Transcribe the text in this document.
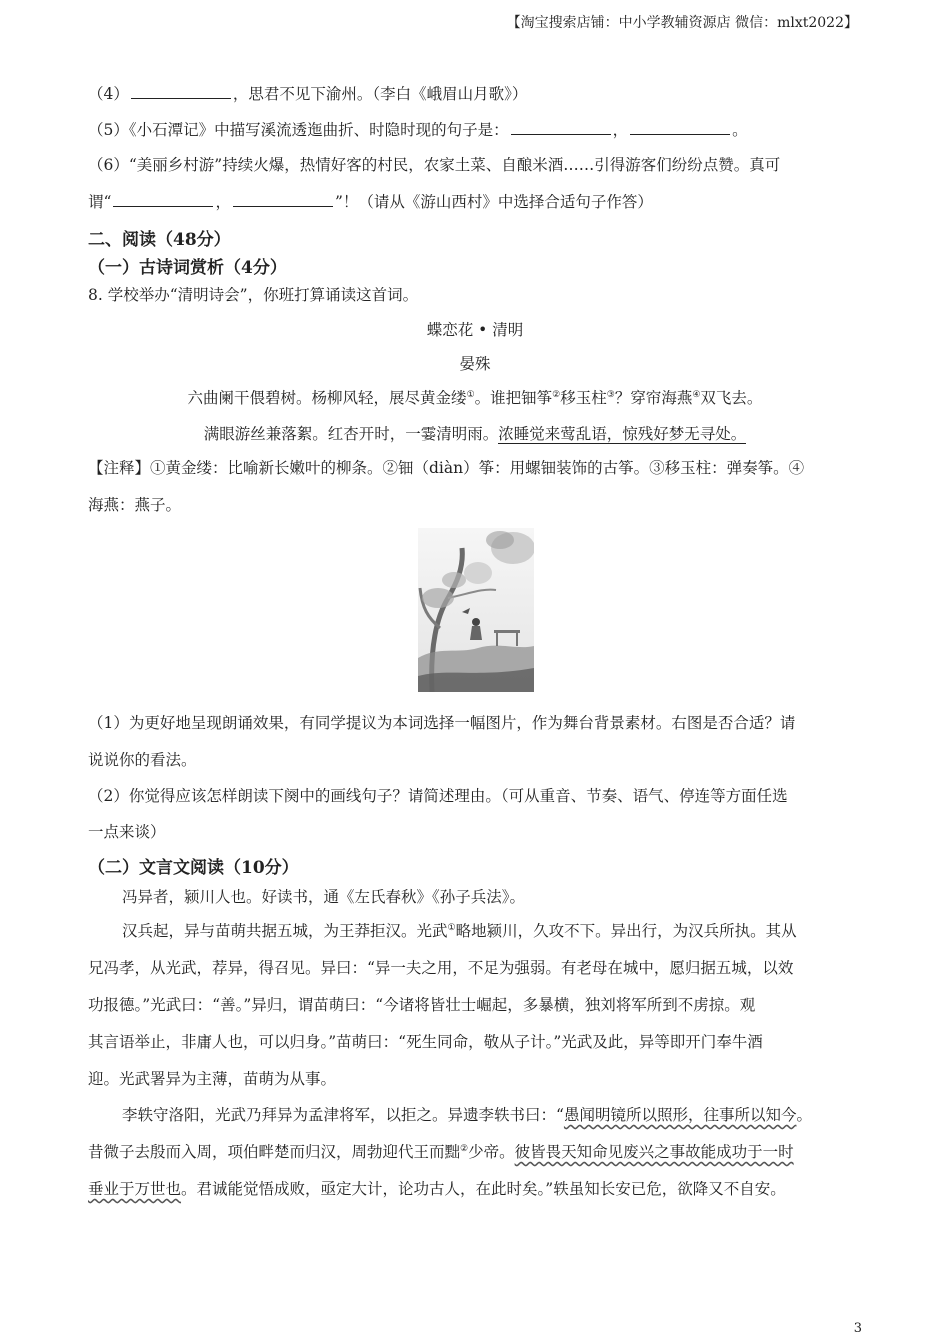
【淘宝搜索店铺：中小学教辅资源店 微信：mlxt2022】
（4）	，思君不见下渝州。（李白《峨眉山月歌》）
（5）《小石潭记》中描写溪流透迤曲折、时隐时现的句子是：	，	。
（6）“美丽乡村游”持续火爆，热情好客的村民，农家土菜、自酿米酒……引得游客们纷纷点赞。真可
谓“	，	”！（请从《游山西村》中选择合适句子作答）
二、阅读（48分）
（一）古诗词赏析（4分）
8. 学校举办“清明诗会”，你班打算诵读这首词。
蝶恋花 • 清明
晏殊
六曲阑干偎碧树。杨柳风轻，展尽黄金缕①。谁把钿筝②移玉柱③？穿帘海燕④双飞去。
满眼游丝兼落絮。红杏开时，一霎清明雨。浓睡觉来莺乱语，惊残好梦无寻处。
【注释】①黄金缕：比喻新长嫩叶的柳条。②钿（diàn）筝：用螺钿装饰的古筝。③移玉柱：弹奏筝。④
海燕：燕子。
（1）为更好地呈现朗诵效果，有同学提议为本词选择一幅图片，作为舞台背景素材。右图是否合适？请
说说你的看法。
（2）你觉得应该怎样朗读下阕中的画线句子？请简述理由。（可从重音、节奏、语气、停连等方面任选
一点来谈）
（二）文言文阅读（10分）
冯异者，颍川人也。好读书，通《左氏春秋》《孙子兵法》。
汉兵起，异与苗萌共据五城，为王莽拒汉。光武①略地颍川，久攻不下。异出行，为汉兵所执。其从
兄冯孝，从光武，荐异，得召见。异曰：“异一夫之用，不足为强弱。有老母在城中，愿归据五城，以效
功报德。”光武曰：“善。”异归，谓苗萌曰：“今诸将皆壮士崛起，多暴横，独刘将军所到不虏掠。观
其言语举止，非庸人也，可以归身。”苗萌曰：“死生同命，敬从子计。”光武及此，异等即开门奉牛酒
迎。光武署异为主薄，苗萌为从事。
李轶守洛阳，光武乃拜异为孟津将军，以拒之。异遗李轶书曰：“愚闻明镜所以照形，往事所以知今。
昔微子去殷而入周，项伯畔楚而归汉，周勃迎代王而黜②少帝。彼皆畏天知命见废兴之事故能成功于一时
垂业于万世也。君诚能觉悟成败，亟定大计，论功古人，在此时矣。”轶虽知长安已危，欲降又不自安。
3
